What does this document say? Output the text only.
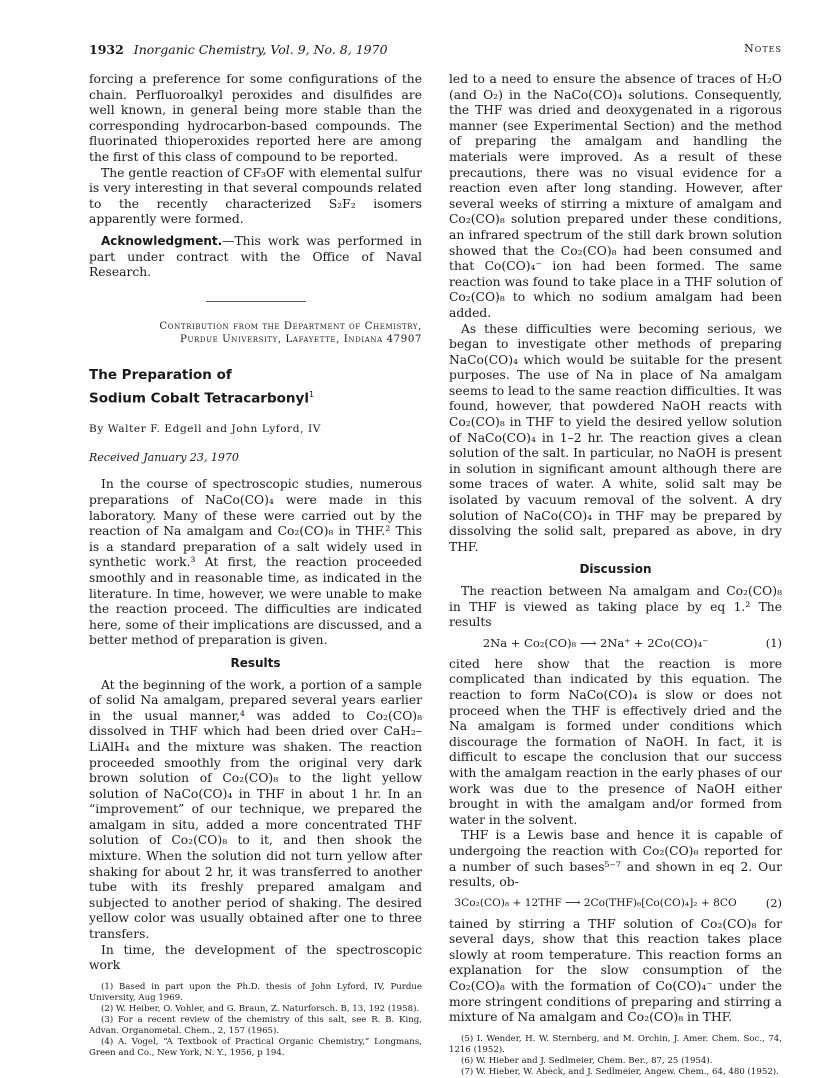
1932 Inorganic Chemistry, Vol. 9, No. 8, 1970	Notes

forcing a preference for some configurations of the chain. Perfluoroalkyl peroxides and disulfides are well known, in general being more stable than the corresponding hydrocarbon-based compounds. The fluorinated thioperoxides reported here are among the first of this class of compound to be reported.

The gentle reaction of CF₃OF with elemental sulfur is very interesting in that several compounds related to the recently characterized S₂F₂ isomers apparently were formed.

Acknowledgment.—This work was performed in part under contract with the Office of Naval Research.

Contribution from the Department of Chemistry,
Purdue University, Lafayette, Indiana 47907
The Preparation of
Sodium Cobalt Tetracarbonyl$^1$
By Walter F. Edgell and John Lyford, IV
Received January 23, 1970

In the course of spectroscopic studies, numerous preparations of NaCo(CO)₄ were made in this laboratory. Many of these were carried out by the reaction of Na amalgam and Co₂(CO)₈ in THF.² This is a standard preparation of a salt widely used in synthetic work.³ At first, the reaction proceeded smoothly and in reasonable time, as indicated in the literature. In time, however, we were unable to make the reaction proceed. The difficulties are indicated here, some of their implications are discussed, and a better method of preparation is given.

Results

At the beginning of the work, a portion of a sample of solid Na amalgam, prepared several years earlier in the usual manner,⁴ was added to Co₂(CO)₈ dissolved in THF which had been dried over CaH₂–LiAlH₄ and the mixture was shaken. The reaction proceeded smoothly from the original very dark brown solution of Co₂(CO)₈ to the light yellow solution of NaCo(CO)₄ in THF in about 1 hr. In an “improvement” of our technique, we prepared the amalgam in situ, added a more concentrated THF solution of Co₂(CO)₈ to it, and then shook the mixture. When the solution did not turn yellow after shaking for about 2 hr, it was transferred to another tube with its freshly prepared amalgam and subjected to another period of shaking. The desired yellow color was usually obtained after one to three transfers.

In time, the development of the spectroscopic work

(1) Based in part upon the Ph.D. thesis of John Lyford, IV, Purdue University, Aug 1969.

(2) W. Heiber, O. Vohler, and G. Braun, Z. Naturforsch. B, 13, 192 (1958).

(3) For a recent review of the chemistry of this salt, see R. B. King, Advan. Organometal. Chem., 2, 157 (1965).

(4) A. Vogel, “A Textbook of Practical Organic Chemistry,” Longmans, Green and Co., New York, N. Y., 1956, p 194.

led to a need to ensure the absence of traces of H₂O (and O₂) in the NaCo(CO)₄ solutions. Consequently, the THF was dried and deoxygenated in a rigorous manner (see Experimental Section) and the method of preparing the amalgam and handling the materials were improved. As a result of these precautions, there was no visual evidence for a reaction even after long standing. However, after several weeks of stirring a mixture of amalgam and Co₂(CO)₈ solution prepared under these conditions, an infrared spectrum of the still dark brown solution showed that the Co₂(CO)₈ had been consumed and that Co(CO)₄⁻ ion had been formed. The same reaction was found to take place in a THF solution of Co₂(CO)₈ to which no sodium amalgam had been added.

As these difficulties were becoming serious, we began to investigate other methods of preparing NaCo(CO)₄ which would be suitable for the present purposes. The use of Na in place of Na amalgam seems to lead to the same reaction difficulties. It was found, however, that powdered NaOH reacts with Co₂(CO)₈ in THF to yield the desired yellow solution of NaCo(CO)₄ in 1–2 hr. The reaction gives a clean solution of the salt. In particular, no NaOH is present in solution in significant amount although there are some traces of water. A white, solid salt may be isolated by vacuum removal of the solvent. A dry solution of NaCo(CO)₄ in THF may be prepared by dissolving the solid salt, prepared as above, in dry THF.

Discussion

The reaction between Na amalgam and Co₂(CO)₈ in THF is viewed as taking place by eq 1.² The results

2Na + Co₂(CO)₈ ⟶ 2Na⁺ + 2Co(CO)₄⁻	(1)

cited here show that the reaction is more complicated than indicated by this equation. The reaction to form NaCo(CO)₄ is slow or does not proceed when the THF is effectively dried and the Na amalgam is formed under conditions which discourage the formation of NaOH. In fact, it is difficult to escape the conclusion that our success with the amalgam reaction in the early phases of our work was due to the presence of NaOH either brought in with the amalgam and/or formed from water in the solvent.

THF is a Lewis base and hence it is capable of undergoing the reaction with Co₂(CO)₈ reported for a number of such bases⁵⁻⁷ and shown in eq 2. Our results, ob-

3Co₂(CO)₈ + 12THF ⟶ 2Co(THF)₆[Co(CO)₄]₂ + 8CO	(2)

tained by stirring a THF solution of Co₂(CO)₈ for several days, show that this reaction takes place slowly at room temperature. This reaction forms an explanation for the slow consumption of the Co₂(CO)₈ with the formation of Co(CO)₄⁻ under the more stringent conditions of preparing and stirring a mixture of Na amalgam and Co₂(CO)₈ in THF.

(5) I. Wender, H. W. Sternberg, and M. Orchin, J. Amer. Chem. Soc., 74, 1216 (1952).

(6) W. Hieber and J. Sedlmeier, Chem. Ber., 87, 25 (1954).

(7) W. Hieber, W. Abeck, and J. Sedlmeier, Angew. Chem., 64, 480 (1952).
